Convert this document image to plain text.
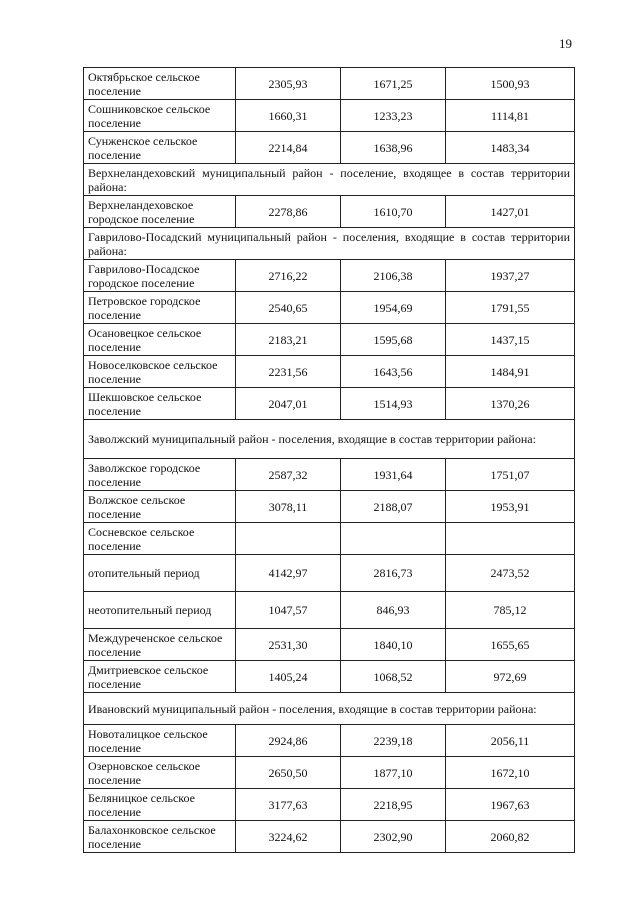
19
Октябрьское сельское поселение	2305,93	1671,25	1500,93
Сошниковское сельское поселение	1660,31	1233,23	1114,81
Сунженское сельское поселение	2214,84	1638,96	1483,34
Верхнеландеховский муниципальный район - поселение, входящее в состав территории района:			
Верхнеландеховское городское поселение	2278,86	1610,70	1427,01
Гаврилово-Посадский муниципальный район - поселения, входящие в состав территории района:			
Гаврилово-Посадское городское поселение	2716,22	2106,38	1937,27
Петровское городское поселение	2540,65	1954,69	1791,55
Осановецкое сельское поселение	2183,21	1595,68	1437,15
Новоселковское сельское поселение	2231,56	1643,56	1484,91
Шекшовское сельское поселение	2047,01	1514,93	1370,26
Заволжский муниципальный район - поселения, входящие в состав территории района:			
Заволжское городское поселение	2587,32	1931,64	1751,07
Волжское сельское поселение	3078,11	2188,07	1953,91
Сосневское сельское поселение			
отопительный период	4142,97	2816,73	2473,52
неотопительный период	1047,57	846,93	785,12
Междуреченское сельское поселение	2531,30	1840,10	1655,65
Дмитриевское сельское поселение	1405,24	1068,52	972,69
Ивановский муниципальный район - поселения, входящие в состав территории района:			
Новоталицкое сельское поселение	2924,86	2239,18	2056,11
Озерновское сельское поселение	2650,50	1877,10	1672,10
Беляницкое сельское поселение	3177,63	2218,95	1967,63
Балахонковское сельское поселение	3224,62	2302,90	2060,82
